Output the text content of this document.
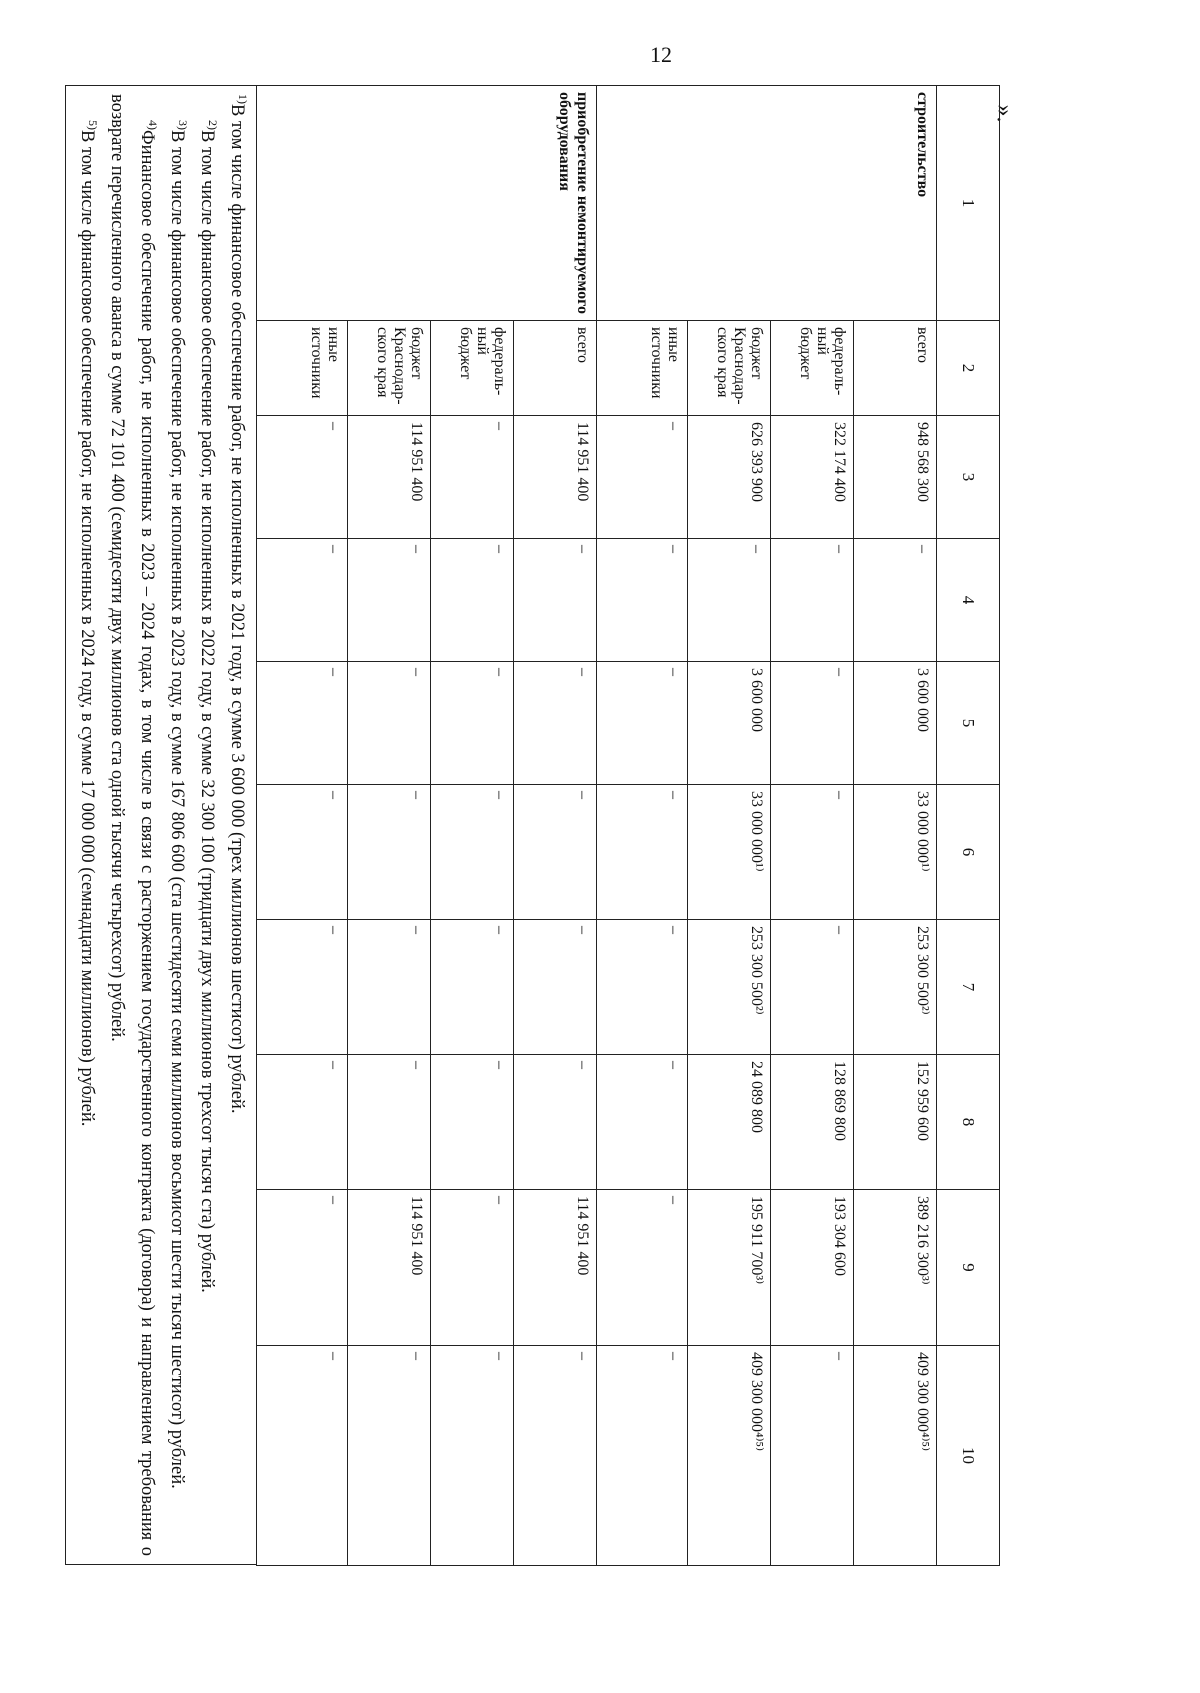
12
».
1	2	3	4	5	6	7	8	9	10
строительство	всего	948 568 300	–	3 600 000	33 000 000¹⁾	253 300 500²⁾	152 959 600	389 216 300³⁾	409 300 000⁴⁾⁵⁾
	федераль-ный бюджет	322 174 400	–	–	–	–	128 869 800	193 304 600	–
	бюджет Краснодар-ского края	626 393 900	–	3 600 000	33 000 000¹⁾	253 300 500²⁾	24 089 800	195 911 700³⁾	409 300 000⁴⁾⁵⁾
	иные источники	–	–	–	–	–	–	–	–
приобретение немонтируемого оборудования	всего	114 951 400	–	–	–	–	–	114 951 400	–
	федераль-ный бюджет	–	–	–	–	–	–	–	–
	бюджет Краснодар-ского края	114 951 400	–	–	–	–	–	114 951 400	–
	иные источники	–	–	–	–	–	–	–	–

$^{1)}$В том числе финансовое обеспечение работ, не исполненных в 2021 году, в сумме 3 600 000 (трех миллионов шестисот) рублей.

$^{2)}$В том числе финансовое обеспечение работ, не исполненных в 2022 году, в сумме 32 300 100 (тридцати двух миллионов трехсот тысяч ста) рублей.

$^{3)}$В том числе финансовое обеспечение работ, не исполненных в 2023 году, в сумме 167 806 600 (ста шестидесяти семи миллионов восьмисот шести тысяч шестисот) рублей.

$^{4)}$Финансовое обеспечение работ, не исполненных в 2023 – 2024 годах, в том числе в связи с расторжением государственного контракта (договора) и направлением требования о возврате перечисленного аванса в сумме 72 101 400 (семидесяти двух миллионов ста одной тысячи четырехсот) рублей.

$^{5)}$В том числе финансовое обеспечение работ, не исполненных в 2024 году, в сумме 17 000 000 (семнадцати миллионов) рублей.
